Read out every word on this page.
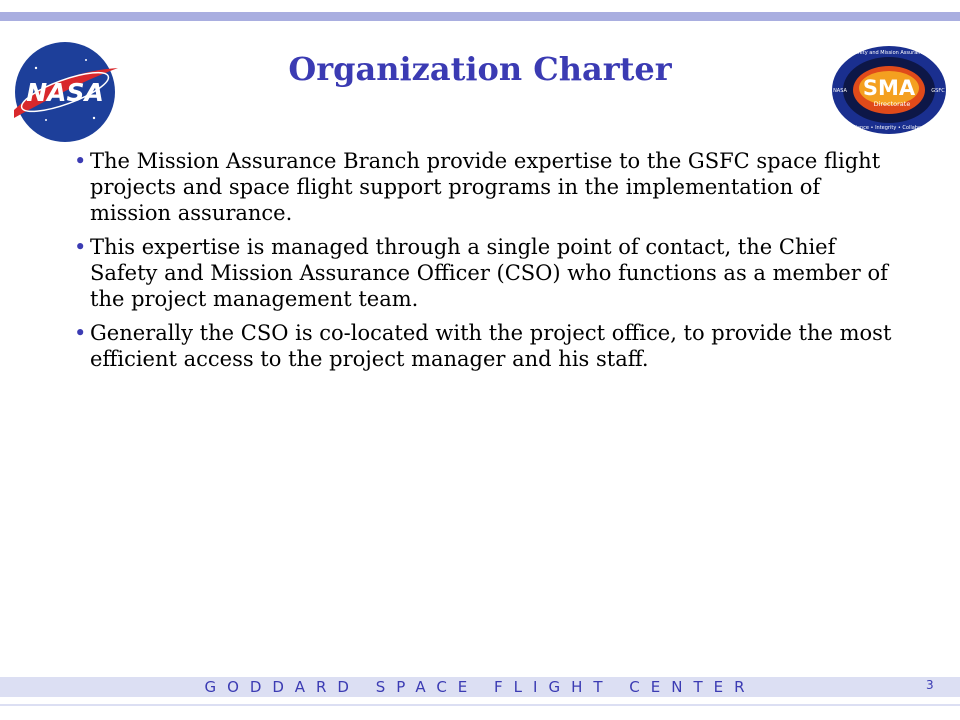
NASA
Organization Charter	SMA
Directorate
Safety and Mission Assurance
Excellence • Integrity • Collaboration
NASA	GSFC
• The Mission Assurance Branch provide expertise to the GSFC space flight projects and space flight support programs in the implementation of mission assurance.
• This expertise is managed through a single point of contact, the Chief Safety and Mission Assurance Officer (CSO) who functions as a member of the project management team.
• Generally the CSO is co-located with the project office, to provide the most efficient access to the project manager and his staff.
GODDARD SPACE FLIGHT CENTER	3
